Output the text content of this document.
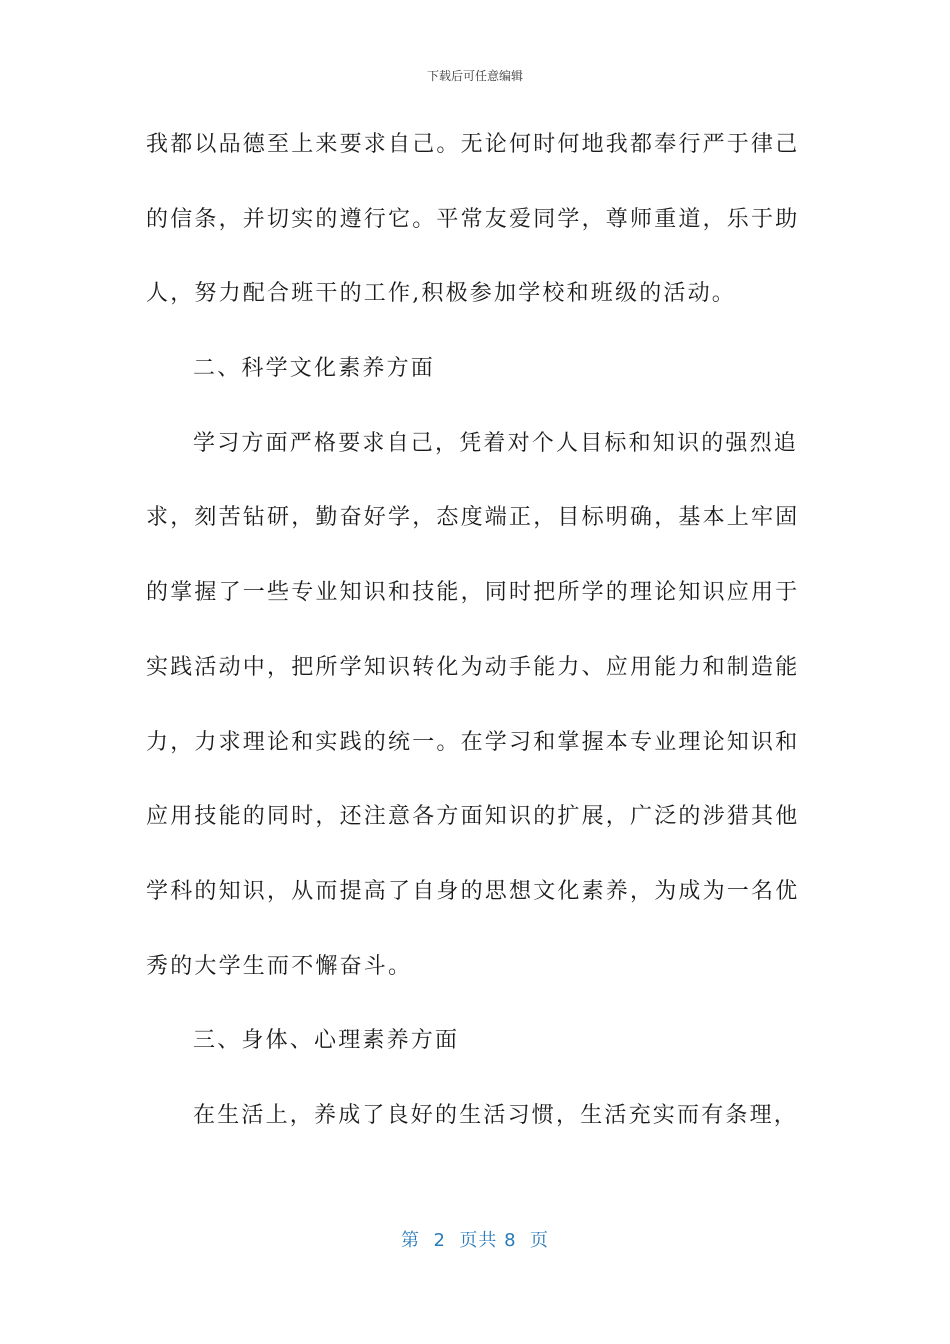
下载后可任意编辑
我都以品德至上来要求自己。无论何时何地我都奉行严于律己
的信条，并切实的遵行它。平常友爱同学，尊师重道，乐于助
人，努力配合班干的工作,积极参加学校和班级的活动。
二、科学文化素养方面
学习方面严格要求自己，凭着对个人目标和知识的强烈追
求，刻苦钻研，勤奋好学，态度端正，目标明确，基本上牢固
的掌握了一些专业知识和技能，同时把所学的理论知识应用于
实践活动中，把所学知识转化为动手能力、应用能力和制造能
力，力求理论和实践的统一。在学习和掌握本专业理论知识和
应用技能的同时，还注意各方面知识的扩展，广泛的涉猎其他
学科的知识，从而提高了自身的思想文化素养，为成为一名优
秀的大学生而不懈奋斗。
三、身体、心理素养方面
在生活上，养成了良好的生活习惯，生活充实而有条理，
第  2  页共 8  页
